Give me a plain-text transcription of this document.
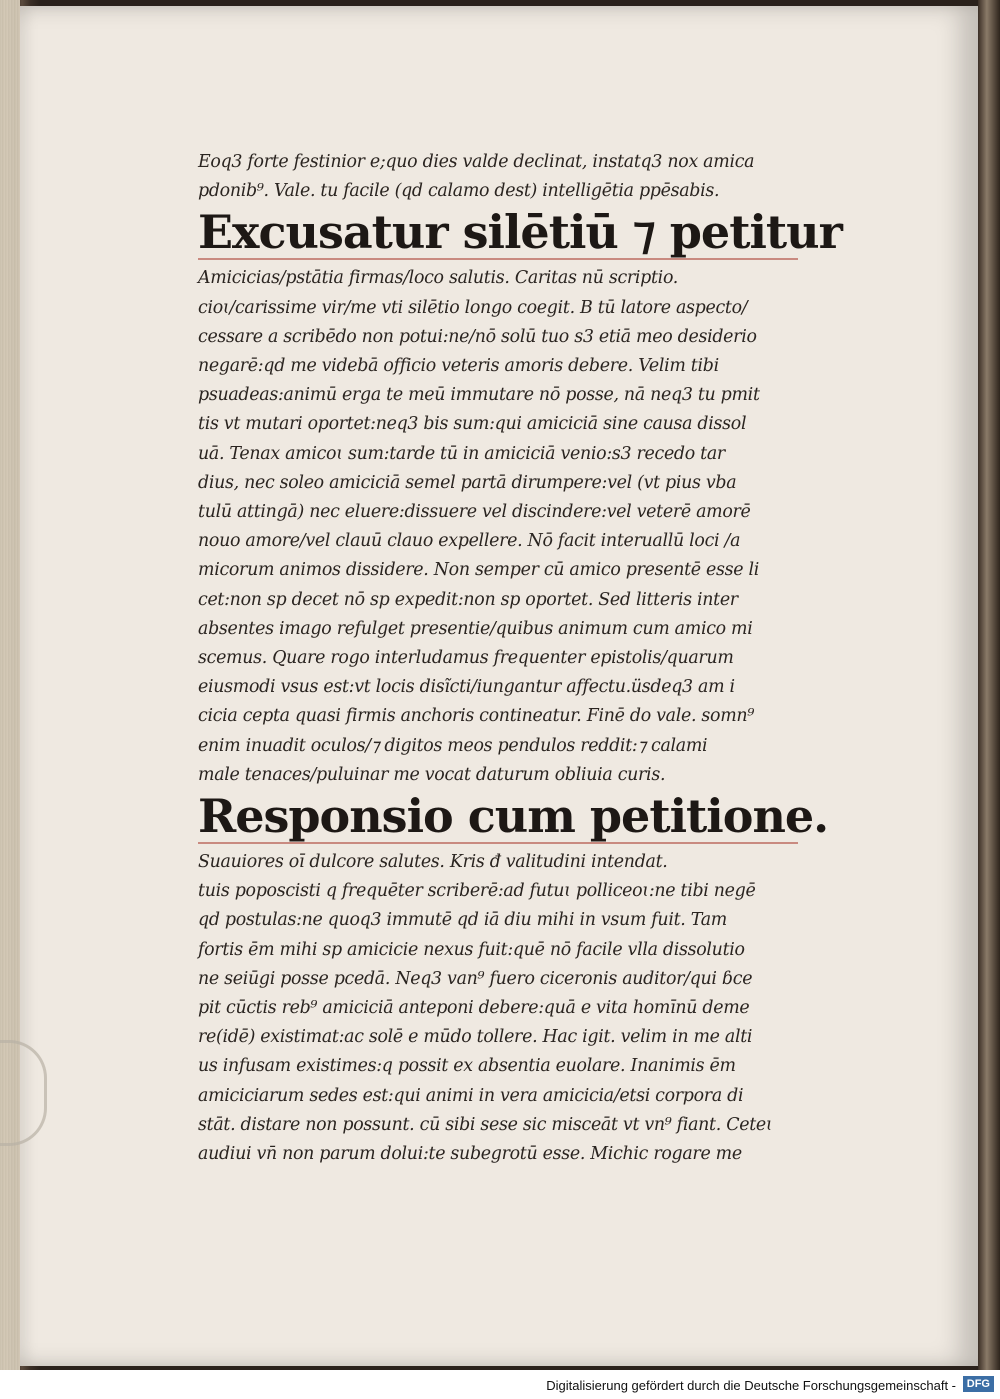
Eoq3 forte festinior e;quo dies valde declinat, instatq3 nox amica
pdonib⁹. Vale. tu facile (qd calamo dest) intelligētia ppēsabis.
Excusatur silētiū ⁊ petitur
Amicicias/pstātia firmas/loco salutis. Caritas nū scriptio.
cioɩ/carissime vir/me vti silētio longo coegit. B tū latore aspecto/
cessare a scribēdo non potui:ne/nō solū tuo s3 etiā meo desiderio
negarē:qd me videbā officio veteris amoris debere. Velim tibi
psuadeas:animū erga te meū immutare nō posse, nā neq3 tu pmit
tis vt mutari oportet:neq3 bis sum:qui amiciciā sine causa dissol
uā. Tenax amicoɩ sum:tarde tū in amiciciā venio:s3 recedo tar
dius, nec soleo amiciciā semel partā dirumpere:vel (vt pius vba
tulū attingā) nec eluere:dissuere vel discindere:vel veterē amorē
nouo amore/vel clauū clauo expellere. Nō facit interuallū loci /a
micorum animos dissidere. Non semper cū amico presentē esse li
cet:non sp decet nō sp expedit:non sp oportet. Sed litteris inter
absentes imago refulget presentie/quibus animum cum amico mi
scemus. Quare rogo interludamus frequenter epistolis/quarum
eiusmodi vsus est:vt locis disĩcti/iungantur affectu.üsdeq3 am i
cicia cepta quasi firmis anchoris contineatur. Finē do vale. somn⁹
enim inuadit oculos/⁊ digitos meos pendulos reddit:⁊ calami
male tenaces/puluinar me vocat daturum obliuia curis.
Responsio cum petitione.
Suauiores oī dulcore salutes. Kris đ valitudini intendat.
tuis poposcisti q frequēter scriberē:ad futuɩ polliceoɩ:ne tibi negē
qd postulas:ne quoq3 immutē qd iā diu mihi in vsum fuit. Tam
fortis ēm mihi sp amicicie nexus fuit:quē nō facile vlla dissolutio
ne seiūgi posse pcedā. Neq3 van⁹ fuero ciceronis auditor/qui ɓce
pit cūctis reb⁹ amiciciā anteponi debere:quā e vita homīnū deme
re(idē) existimat:ac solē e mūdo tollere. Hac igit. velim in me alti
us infusam existimes:q possit ex absentia euolare. Inanimis ēm
amiciciarum sedes est:qui animi in vera amicicia/etsi corpora di
stāt. distare non possunt. cū sibi sese sic misceāt vt vn⁹ fiant. Ceteɩ
audiui vn̄ non parum dolui:te subegrotū esse. Michic rogare me
Digitalisierung gefördert durch die Deutsche Forschungsgemeinschaft - DFG
